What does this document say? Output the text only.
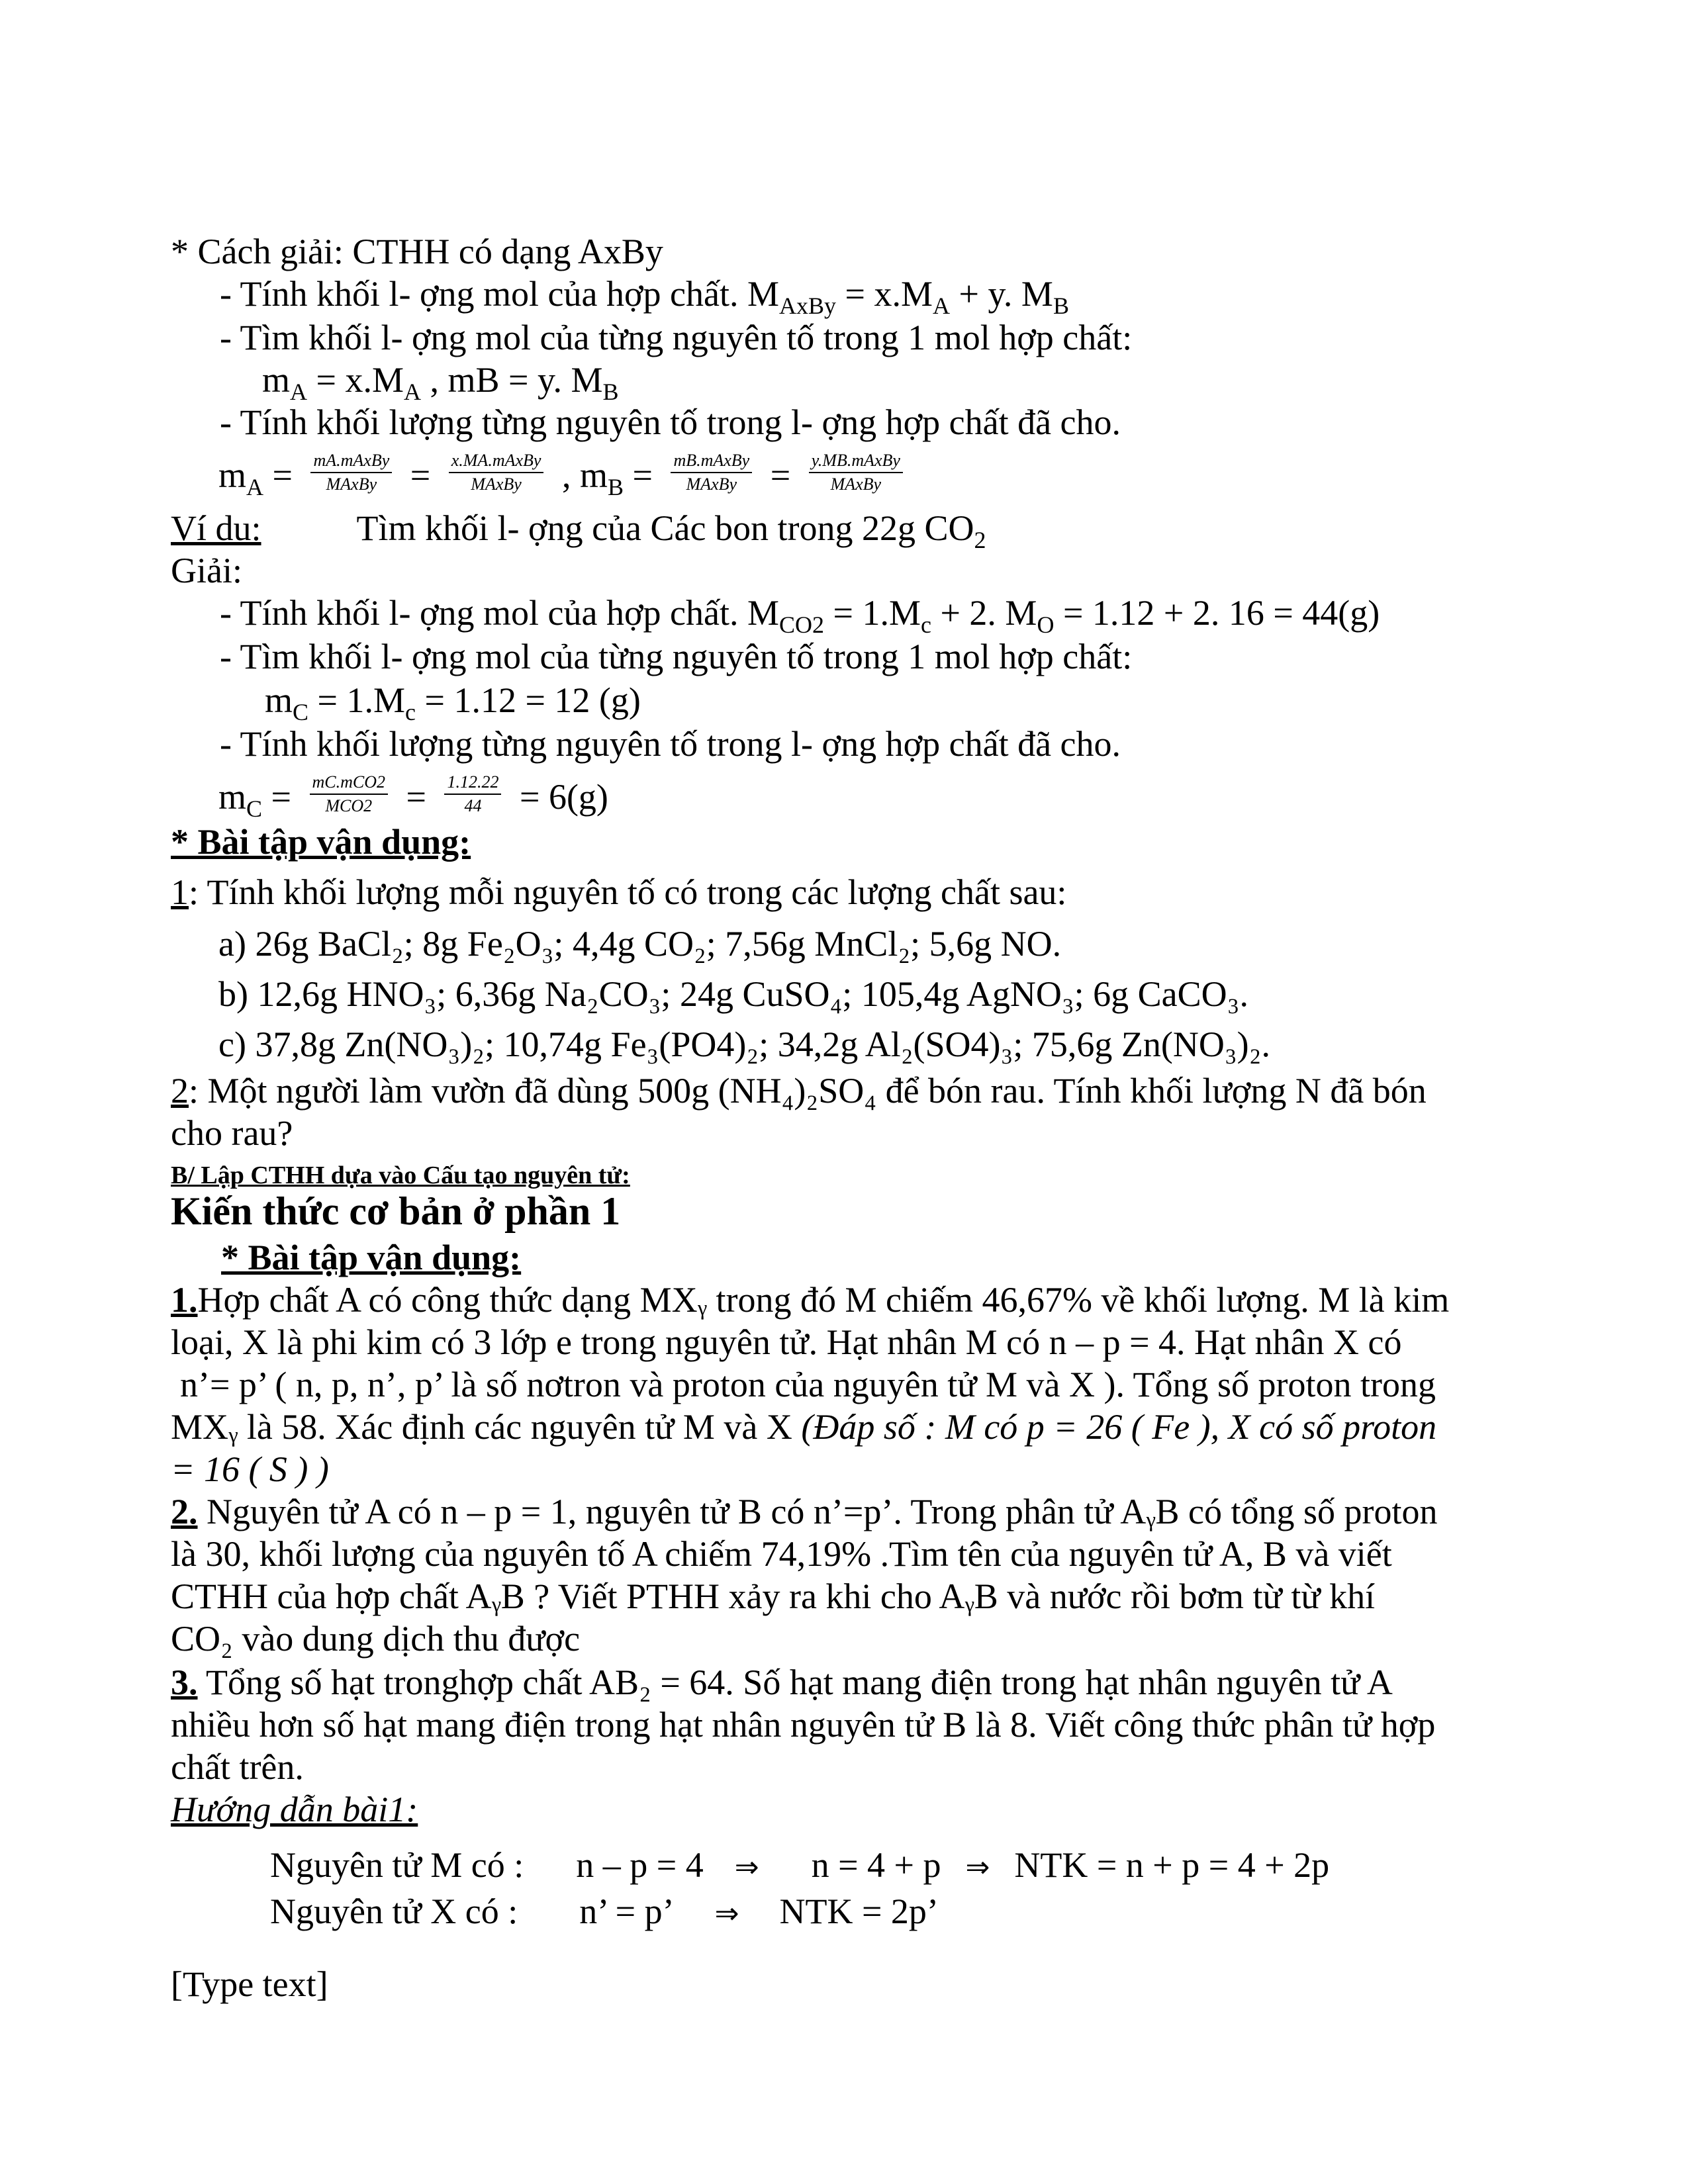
* Cách giải: CTHH có dạng AxBy
- Tính khối l- ợng mol của hợp chất. $M_{AxBy} = x.M_A + y$. $M_B$
- Tìm khối l- ợng mol của từng nguyên tố trong 1 mol hợp chất:
$m_A = x.M_A$ , mB = y. $M_B$
- Tính khối lượng từng nguyên tố trong l- ợng hợp chất đã cho.
$m_A = \frac{\text{mA.mAxBy}}{\text{MAxBy}} = \frac{\text{x.MA.mAxBy}}{\text{MAxBy}}$ , $m_B = \frac{\text{mB.mAxBy}}{\text{MAxBy}} = \frac{\text{y.MB.mAxBy}}{\text{MAxBy}}$
Ví du:	Tìm khối l- ợng của Các bon trong 22g $CO_2$
Giải:
- Tính khối l- ợng mol của hợp chất. $M_{CO2} = 1.M_c + 2$. $M_O = 1.12 + 2$. 16 = 44(g)
- Tìm khối l- ợng mol của từng nguyên tố trong 1 mol hợp chất:
$m_C = 1.M_c = 1.12 = 12$ (g)
- Tính khối lượng từng nguyên tố trong l- ợng hợp chất đã cho.
$m_C = \frac{\text{mC.mCO2}}{\text{MCO2}} = \frac{1.12.22}{44} = 6(g)$
* Bài tập vận dụng:
1: Tính khối lượng mỗi nguyên tố có trong các lượng chất sau:
a) 26g BaCl₂; 8g Fe₂O₃; 4,4g CO₂; 7,56g MnCl₂; 5,6g NO.
b) 12,6g HNO₃; 6,36g Na₂CO₃; 24g CuSO₄; 105,4g AgNO₃; 6g CaCO₃.
c) 37,8g Zn(NO₃)₂; 10,74g Fe₃(PO4)₂; 34,2g Al₂(SO4)₃; 75,6g Zn(NO₃)₂.
2: Một người làm vườn đã dùng 500g (NH₄)₂SO₄ để bón rau. Tính khối lượng N đã bón
cho rau?
B/ Lập CTHH dựa vào Cấu tạo nguyên tử:
Kiến thức cơ bản ở phần 1
* Bài tập vận dụng:
1.Hợp chất A có công thức dạng MXᵧ trong đó M chiếm 46,67% về khối lượng. M là kim
loại, X là phi kim có 3 lớp e trong nguyên tử. Hạt nhân M có n – p = 4. Hạt nhân X có
n’= p’ ( n, p, n’, p’ là số nơtron và proton của nguyên tử M và X ). Tổng số proton trong
MXᵧ là 58. Xác định các nguyên tử M và X (Đáp số : M có p = 26 ( Fe ), X có số proton
= 16 ( S ) )
2. Nguyên tử A có n – p = 1, nguyên tử B có n’=p’. Trong phân tử AᵧB có tổng số proton
là 30, khối lượng của nguyên tố A chiếm 74,19% .Tìm tên của nguyên tử A, B và viết
CTHH của hợp chất AᵧB ? Viết PTHH xảy ra khi cho AᵧB và nước rồi bơm từ từ khí
CO₂ vào dung dịch thu được
3. Tổng số hạt tronghợp chất AB₂ = 64. Số hạt mang điện trong hạt nhân nguyên tử A
nhiều hơn số hạt mang điện trong hạt nhân nguyên tử B là 8. Viết công thức phân tử hợp
chất trên.
Hướng dẫn bài1:
Nguyên tử M có : n – p = 4 ⇒ n = 4 + p ⇒ NTK = n + p = 4 + 2p
Nguyên tử X có : n’ = p’ ⇒ NTK = 2p’
[Type text]
